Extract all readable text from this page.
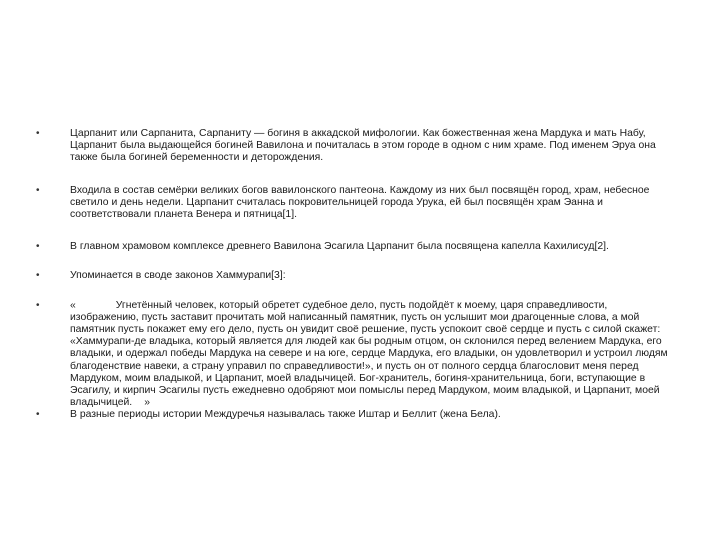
•	Царпанит или Сарпанита, Сарпаниту — богиня в аккадской мифологии. Как божественная жена Мардука и мать Набу, Царпанит была выдающейся богиней Вавилона и почиталась в этом городе в одном с ним храме. Под именем Эруа она также была богиней беременности и деторождения.
•	Входила в состав семёрки великих богов вавилонского пантеона. Каждому из них был посвящён город, храм, небесное светило и день недели. Царпанит считалась покровительницей города Урука, ей был посвящён храм Эанна и соответствовали планета Венера и пятница[1].
•	В главном храмовом комплексе древнего Вавилона Эсагила Царпанит была посвящена капелла Кахилисуд[2].
•	Упоминается в своде законов Хаммурапи[3]:
•	«	Угнетённый человек, который обретет судебное дело, пусть подойдёт к моему, царя справедливости, изображению, пусть заставит прочитать мой написанный памятник, пусть он услышит мои драгоценные слова, а мой памятник пусть покажет ему его дело, пусть он увидит своё решение, пусть успокоит своё сердце и пусть с силой скажет: «Хаммурапи-де владыка, который является для людей как бы родным отцом, он склонился перед велением Мардука, его владыки, и одержал победы Мардука на севере и на юге, сердце Мардука, его владыки, он удовлетворил и устроил людям благоденствие навеки, а страну управил по справедливости!», и пусть он от полного сердца благословит меня перед Мардуком, моим владыкой, и Царпанит, моей владычицей. Бог-хранитель, богиня-хранительница, боги, вступающие в Эсагилу, и кирпич Эсагилы пусть ежедневно одобряют мои помыслы перед Мардуком, моим владыкой, и Царпанит, моей владычицей. »
•	В разные периоды истории Междуречья называлась также Иштар и Беллит (жена Бела).
